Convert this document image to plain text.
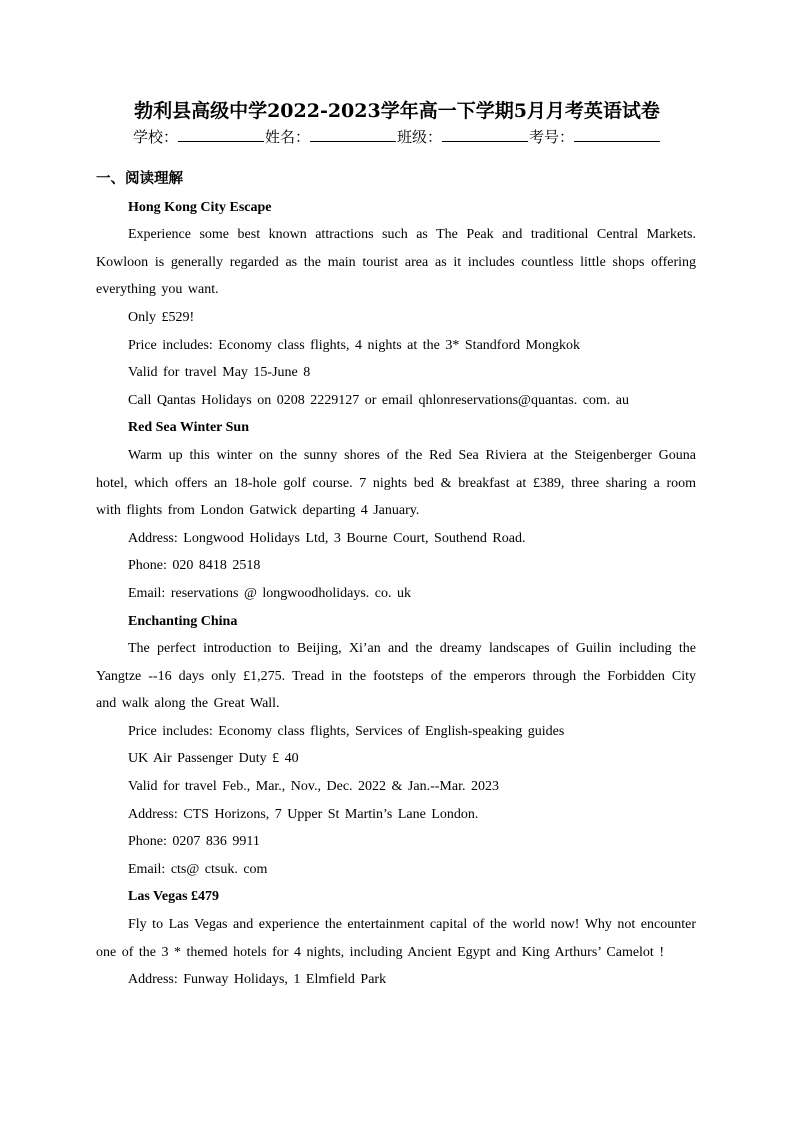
勃利县高级中学2022-2023学年高一下学期5月月考英语试卷
学校：	姓名：	班级：	考号：
一、阅读理解
Hong Kong City Escape
Experience some best known attractions such as The Peak and traditional Central Markets. Kowloon is generally regarded as the main tourist area as it includes countless little shops offering everything you want.
Only £529!
Price includes: Economy class flights, 4 nights at the 3* Standford Mongkok
Valid for travel May 15-June 8
Call Qantas Holidays on 0208 2229127 or email qhlonreservations@quantas. com. au
Red Sea Winter Sun
Warm up this winter on the sunny shores of the Red Sea Riviera at the Steigenberger Gouna hotel, which offers an 18-hole golf course. 7 nights bed & breakfast at £389, three sharing a room with flights from London Gatwick departing 4 January.
Address: Longwood Holidays Ltd, 3 Bourne Court, Southend Road.
Phone: 020 8418 2518
Email: reservations @ longwoodholidays. co. uk
Enchanting China
The perfect introduction to Beijing, Xi’an and the dreamy landscapes of Guilin including the Yangtze --16 days only £1,275. Tread in the footsteps of the emperors through the Forbidden City and walk along the Great Wall.
Price includes: Economy class flights, Services of English-speaking guides
UK Air Passenger Duty £ 40
Valid for travel Feb., Mar., Nov., Dec. 2022 & Jan.--Mar. 2023
Address: CTS Horizons, 7 Upper St Martin’s Lane London.
Phone: 0207 836 9911
Email: cts@ ctsuk. com
Las Vegas £479
Fly to Las Vegas and experience the entertainment capital of the world now! Why not encounter one of the 3 * themed hotels for 4 nights, including Ancient Egypt and King Arthurs’ Camelot !
Address: Funway Holidays, 1 Elmfield Park
